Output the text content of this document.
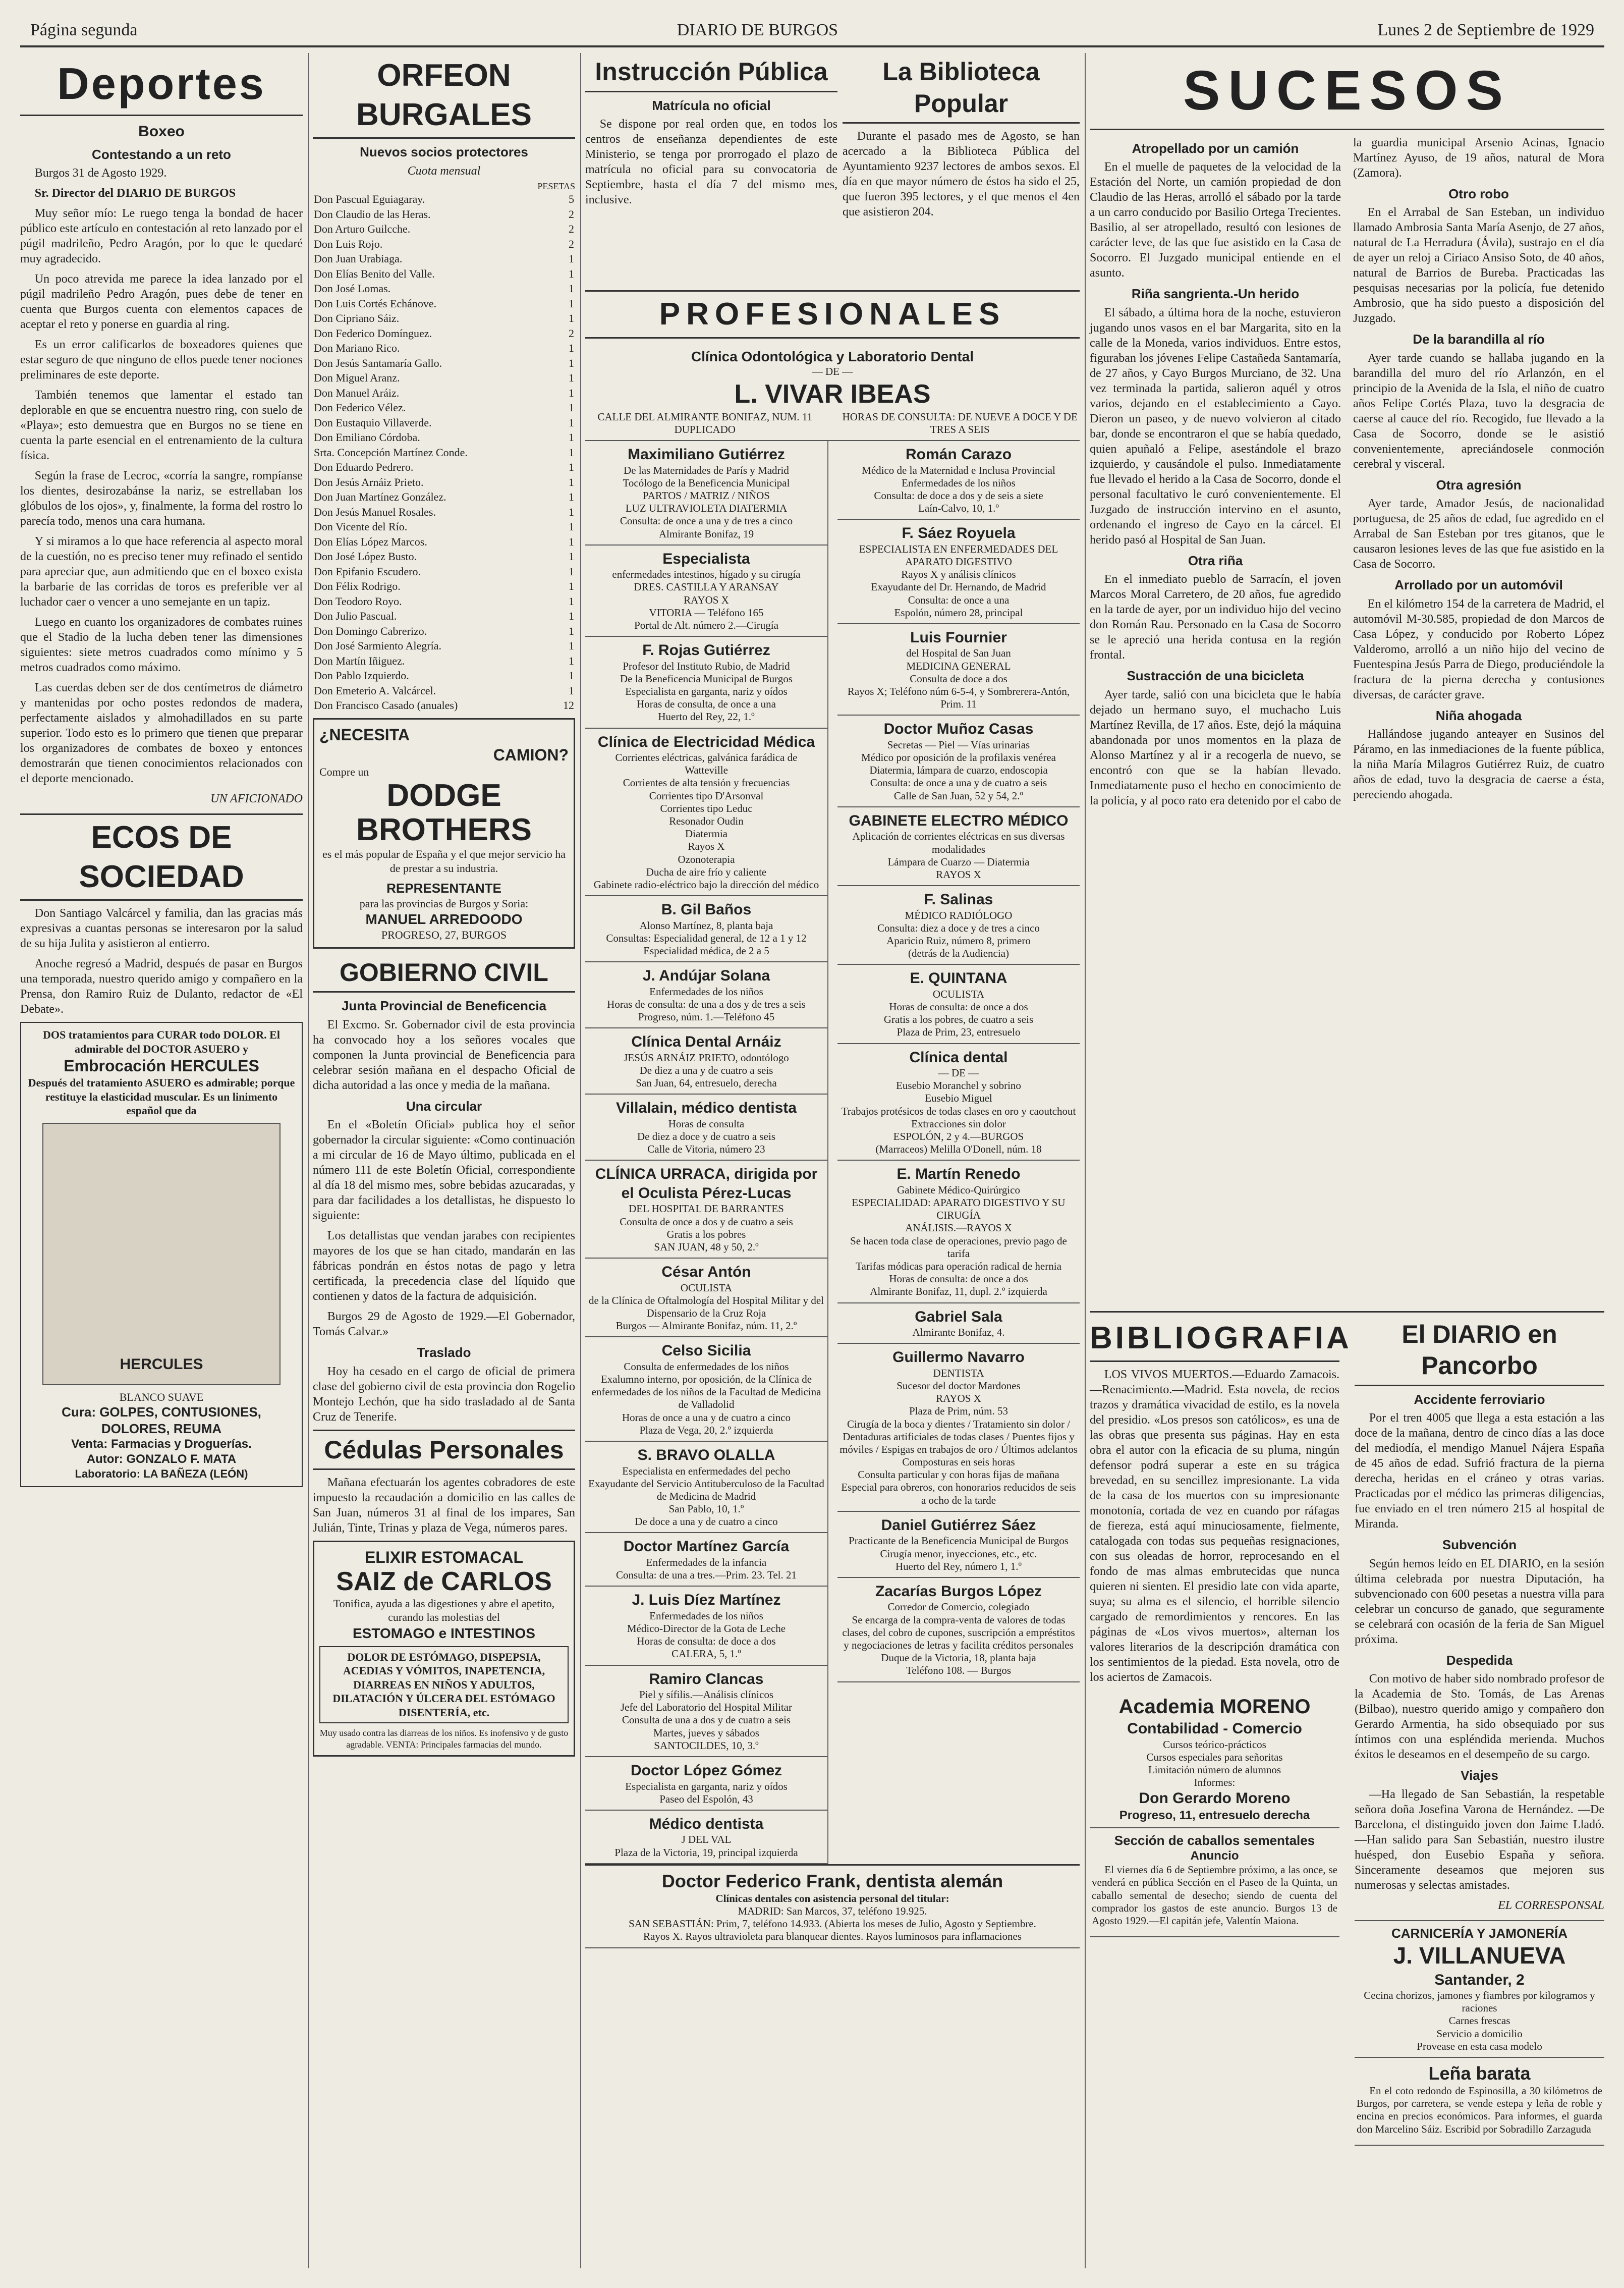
Página segunda	DIARIO DE BURGOS	Lunes 2 de Septiembre de 1929
Deportes
Boxeo
Contestando a un reto

Burgos 31 de Agosto 1929.

Sr. Director del DIARIO DE BURGOS

Muy señor mío: Le ruego tenga la bondad de hacer público este artículo en contestación al reto lanzado por el púgil madrileño, Pedro Aragón, por lo que le quedaré muy agradecido.

Un poco atrevida me parece la idea lanzado por el púgil madrileño Pedro Aragón, pues debe de tener en cuenta que Burgos cuenta con elementos capaces de aceptar el reto y ponerse en guardia al ring.

Es un error calificarlos de boxeadores quienes que estar seguro de que ninguno de ellos puede tener nociones preliminares de este deporte.

También tenemos que lamentar el estado tan deplorable en que se encuentra nuestro ring, con suelo de «Playa»; esto demuestra que en Burgos no se tiene en cuenta la parte esencial en el entrenamiento de la cultura física.

Según la frase de Lecroc, «corría la sangre, rompíanse los dientes, desirozabánse la nariz, se estrellaban los glóbulos de los ojos», y, finalmente, la forma del rostro lo parecía todo, menos una cara humana.

Y si miramos a lo que hace referencia al aspecto moral de la cuestión, no es preciso tener muy refinado el sentido para apreciar que, aun admitiendo que en el boxeo exista la barbarie de las corridas de toros es preferible ver al luchador caer o vencer a uno semejante en un tapiz.

Luego en cuanto los organizadores de combates ruines que el Stadio de la lucha deben tener las dimensiones siguientes: siete metros cuadrados como mínimo y 5 metros cuadrados como máximo.

Las cuerdas deben ser de dos centímetros de diámetro y mantenidas por ocho postes redondos de madera, perfectamente aislados y almohadillados en su parte superior. Todo esto es lo primero que tienen que preparar los organizadores de combates de boxeo y entonces demostrarán que tienen conocimientos relacionados con el deporte mencionado.

UN AFICIONADO
ECOS DE SOCIEDAD

Don Santiago Valcárcel y familia, dan las gracias más expresivas a cuantas personas se interesaron por la salud de su hija Julita y asistieron al entierro.

Anoche regresó a Madrid, después de pasar en Burgos una temporada, nuestro querido amigo y compañero en la Prensa, don Ramiro Ruiz de Dulanto, redactor de «El Debate».

DOS tratamientos para CURAR todo DOLOR. El admirable del DOCTOR ASUERO y
Embrocación HERCULES
Después del tratamiento ASUERO es admirable; porque restituye la elasticidad muscular. Es un linimento español que da
HERCULES
BLANCO SUAVE
Cura: GOLPES, CONTUSIONES, DOLORES, REUMA
Venta: Farmacias y Droguerías.
Autor: GONZALO F. MATA
Laboratorio: LA BAÑEZA (LEÓN)
ORFEON BURGALES
Nuevos socios protectores
Cuota mensual
PESETAS
Don Pascual Eguiagaray.	5
Don Claudio de las Heras.	2
Don Arturo Guilcche.	2
Don Luis Rojo.	2
Don Juan Urabiaga.	1
Don Elías Benito del Valle.	1
Don José Lomas.	1
Don Luis Cortés Echánove.	1
Don Cipriano Sáiz.	1
Don Federico Domínguez.	2
Don Mariano Rico.	1
Don Jesús Santamaría Gallo.	1
Don Miguel Aranz.	1
Don Manuel Aráiz.	1
Don Federico Vélez.	1
Don Eustaquio Villaverde.	1
Don Emiliano Córdoba.	1
Srta. Concepción Martínez Conde.	1
Don Eduardo Pedrero.	1
Don Jesús Arnáiz Prieto.	1
Don Juan Martínez González.	1
Don Jesús Manuel Rosales.	1
Don Vicente del Río.	1
Don Elías López Marcos.	1
Don José López Busto.	1
Don Epifanio Escudero.	1
Don Félix Rodrigo.	1
Don Teodoro Royo.	1
Don Julio Pascual.	1
Don Domingo Cabrerizo.	1
Don José Sarmiento Alegría.	1
Don Martín Iñiguez.	1
Don Pablo Izquierdo.	1
Don Emeterio A. Valcárcel.	1
Don Francisco Casado (anuales)	12
¿NECESITA
CAMION?
Compre un
DODGE
BROTHERS
es el más popular de España y el que mejor servicio ha de prestar a su industria.
REPRESENTANTE
para las provincias de Burgos y Soria:
MANUEL ARREDOODO
PROGRESO, 27, BURGOS
GOBIERNO CIVIL
Junta Provincial de Beneficencia

El Excmo. Sr. Gobernador civil de esta provincia ha convocado hoy a los señores vocales que componen la Junta provincial de Beneficencia para celebrar sesión mañana en el despacho Oficial de dicha autoridad a las once y media de la mañana.

Una circular

En el «Boletín Oficial» publica hoy el señor gobernador la circular siguiente: «Como continuación a mi circular de 16 de Mayo último, publicada en el número 111 de este Boletín Oficial, correspondiente al día 18 del mismo mes, sobre bebidas azucaradas, y para dar facilidades a los detallistas, he dispuesto lo siguiente:

Los detallistas que vendan jarabes con recipientes mayores de los que se han citado, mandarán en las fábricas pondrán en éstos notas de pago y letra certificada, la precedencia clase del líquido que contienen y datos de la factura de adquisición.

Burgos 29 de Agosto de 1929.—El Gobernador, Tomás Calvar.»

Traslado

Hoy ha cesado en el cargo de oficial de primera clase del gobierno civil de esta provincia don Rogelio Montejo Lechón, que ha sido trasladado al de Santa Cruz de Tenerife.

Cédulas Personales

Mañana efectuarán los agentes cobradores de este impuesto la recaudación a domicilio en las calles de San Juan, números 31 al final de los impares, San Julián, Tinte, Trinas y plaza de Vega, números pares.

ELIXIR ESTOMACAL
SAIZ de CARLOS
Tonifica, ayuda a las digestiones y abre el apetito, curando las molestias del
ESTOMAGO e INTESTINOS
DOLOR DE ESTÓMAGO, DISPEPSIA, ACEDIAS Y VÓMITOS, INAPETENCIA, DIARREAS EN NIÑOS Y ADULTOS, DILATACIÓN Y ÚLCERA DEL ESTÓMAGO DISENTERÍA, etc.
Muy usado contra las diarreas de los niños. Es inofensivo y de gusto agradable. VENTA: Principales farmacias del mundo.
Instrucción Pública
Matrícula no oficial

Se dispone por real orden que, en todos los centros de enseñanza dependientes de este Ministerio, se tenga por prorrogado el plazo de matrícula no oficial para su convocatoria de Septiembre, hasta el día 7 del mismo mes, inclusive.

La Biblioteca Popular

Durante el pasado mes de Agosto, se han acercado a la Biblioteca Pública del Ayuntamiento 9237 lectores de ambos sexos. El día en que mayor número de éstos ha sido el 25, que fueron 395 lectores, y el que menos el 4en que asistieron 204.

PROFESIONALES
Clínica Odontológica y Laboratorio Dental
— DE —
L. VIVAR IBEAS
CALLE DEL ALMIRANTE BONIFAZ, NUM. 11 DUPLICADO
HORAS DE CONSULTA: DE NUEVE A DOCE Y DE TRES A SEIS
Maximiliano Gutiérrez
De las Maternidades de París y Madrid
Tocólogo de la Beneficencia Municipal
PARTOS / MATRIZ / NIÑOS
LUZ ULTRAVIOLETA DIATERMIA
Consulta: de once a una y de tres a cinco
Almirante Bonifaz, 19
Especialista
enfermedades intestinos, hígado y su cirugía
DRES. CASTILLA Y ARANSAY
RAYOS X
VITORIA — Teléfono 165
Portal de Alt. número 2.—Cirugía
F. Rojas Gutiérrez
Profesor del Instituto Rubio, de Madrid
De la Beneficencia Municipal de Burgos
Especialista en garganta, nariz y oídos
Horas de consulta, de once a una
Huerto del Rey, 22, 1.º
Clínica de Electricidad Médica
Corrientes eléctricas, galvánica farádica de
Watteville
Corrientes de alta tensión y frecuencias
Corrientes tipo D'Arsonval
Corrientes tipo Leduc
Resonador Oudin
Diatermia
Rayos X
Ozonoterapia
Ducha de aire frío y caliente
Gabinete radio-eléctrico bajo la dirección del médico
B. Gil Baños
Alonso Martínez, 8, planta baja
Consultas: Especialidad general, de 12 a 1 y 12
Especialidad médica, de 2 a 5
J. Andújar Solana
Enfermedades de los niños
Horas de consulta: de una a dos y de tres a seis
Progreso, núm. 1.—Teléfono 45
Clínica Dental Arnáiz
JESÚS ARNÁIZ PRIETO, odontólogo
De diez a una y de cuatro a seis
San Juan, 64, entresuelo, derecha
Villalain, médico dentista
Horas de consulta
De diez a doce y de cuatro a seis
Calle de Vitoria, número 23
CLÍNICA URRACA, dirigida por el Oculista Pérez-Lucas
DEL HOSPITAL DE BARRANTES
Consulta de once a dos y de cuatro a seis
Gratis a los pobres
SAN JUAN, 48 y 50, 2.º
César Antón
OCULISTA
de la Clínica de Oftalmología del Hospital Militar y del Dispensario de la Cruz Roja
Burgos — Almirante Bonifaz, núm. 11, 2.º
Celso Sicilia
Consulta de enfermedades de los niños
Exalumno interno, por oposición, de la Clínica de enfermedades de los niños de la Facultad de Medicina de Valladolid
Horas de once a una y de cuatro a cinco
Plaza de Vega, 20, 2.º izquierda
S. BRAVO OLALLA
Especialista en enfermedades del pecho
Exayudante del Servicio Antituberculoso de la Facultad de Medicina de Madrid
San Pablo, 10, 1.º
De doce a una y de cuatro a cinco
Doctor Martínez García
Enfermedades de la infancia
Consulta: de una a tres.—Prim. 23. Tel. 21
J. Luis Díez Martínez
Enfermedades de los niños
Médico-Director de la Gota de Leche
Horas de consulta: de doce a dos
CALERA, 5, 1.º
Ramiro Clancas
Piel y sífilis.—Análisis clínicos
Jefe del Laboratorio del Hospital Militar
Consulta de una a dos y de cuatro a seis
Martes, jueves y sábados
SANTOCILDES, 10, 3.º
Doctor López Gómez
Especialista en garganta, nariz y oídos
Paseo del Espolón, 43
Médico dentista
J DEL VAL
Plaza de la Victoria, 19, principal izquierda
Román Carazo
Médico de la Maternidad e Inclusa Provincial
Enfermedades de los niños
Consulta: de doce a dos y de seis a siete
Laín-Calvo, 10, 1.º
F. Sáez Royuela
ESPECIALISTA EN ENFERMEDADES DEL APARATO DIGESTIVO
Rayos X y análisis clínicos
Exayudante del Dr. Hernando, de Madrid
Consulta: de once a una
Espolón, número 28, principal
Luis Fournier
del Hospital de San Juan
MEDICINA GENERAL
Consulta de doce a dos
Rayos X; Teléfono núm 6-5-4, y Sombrerera-Antón, Prim. 11
Doctor Muñoz Casas
Secretas — Piel — Vías urinarias
Médico por oposición de la profilaxis venérea
Diatermia, lámpara de cuarzo, endoscopia
Consulta: de once a una y de cuatro a seis
Calle de San Juan, 52 y 54, 2.º
GABINETE ELECTRO MÉDICO
Aplicación de corrientes eléctricas en sus diversas modalidades
Lámpara de Cuarzo — Diatermia
RAYOS X
F. Salinas
MÉDICO RADIÓLOGO
Consulta: diez a doce y de tres a cinco
Aparicio Ruiz, número 8, primero
(detrás de la Audiencia)
E. QUINTANA
OCULISTA
Horas de consulta: de once a dos
Gratis a los pobres, de cuatro a seis
Plaza de Prim, 23, entresuelo
Clínica dental
— DE —
Eusebio Moranchel y sobrino
Eusebio Miguel
Trabajos protésicos de todas clases en oro y caoutchout
Extracciones sin dolor
ESPOLÓN, 2 y 4.—BURGOS
(Marraceos) Melilla O'Donell, núm. 18
E. Martín Renedo
Gabinete Médico-Quirúrgico
ESPECIALIDAD: APARATO DIGESTIVO Y SU CIRUGÍA
ANÁLISIS.—RAYOS X
Se hacen toda clase de operaciones, previo pago de tarifa
Tarifas módicas para operación radical de hernia
Horas de consulta: de once a dos
Almirante Bonifaz, 11, dupl. 2.º izquierda
Gabriel Sala
Almirante Bonifaz, 4.
Guillermo Navarro
DENTISTA
Sucesor del doctor Mardones
RAYOS X
Plaza de Prim, núm. 53
Cirugía de la boca y dientes / Tratamiento sin dolor / Dentaduras artificiales de todas clases / Puentes fijos y móviles / Espigas en trabajos de oro / Últimos adelantos
Composturas en seis horas
Consulta particular y con horas fijas de mañana
Especial para obreros, con honorarios reducidos de seis a ocho de la tarde
Daniel Gutiérrez Sáez
Practicante de la Beneficencia Municipal de Burgos
Cirugía menor, inyecciones, etc., etc.
Huerto del Rey, número 1, 1.º
Zacarías Burgos López
Corredor de Comercio, colegiado
Se encarga de la compra-venta de valores de todas clases, del cobro de cupones, suscripción a empréstitos y negociaciones de letras y facilita créditos personales
Duque de la Victoria, 18, planta baja
Teléfono 108. — Burgos
Doctor Federico Frank, dentista alemán
Clínicas dentales con asistencia personal del titular:
MADRID: San Marcos, 37, teléfono 19.925.
SAN SEBASTIÁN: Prim, 7, teléfono 14.933. (Abierta los meses de Julio, Agosto y Septiembre.
Rayos X. Rayos ultravioleta para blanquear dientes. Rayos luminosos para inflamaciones
SUCESOS
Atropellado por un camión

En el muelle de paquetes de la velocidad de la Estación del Norte, un camión propiedad de don Claudio de las Heras, arrolló el sábado por la tarde a un carro conducido por Basilio Ortega Trecientes. Basilio, al ser atropellado, resultó con lesiones de carácter leve, de las que fue asistido en la Casa de Socorro. El Juzgado municipal entiende en el asunto.

Riña sangrienta.-Un herido

El sábado, a última hora de la noche, estuvieron jugando unos vasos en el bar Margarita, sito en la calle de la Moneda, varios individuos. Entre estos, figuraban los jóvenes Felipe Castañeda Santamaría, de 27 años, y Cayo Burgos Murciano, de 32. Una vez terminada la partida, salieron aquél y otros varios, dejando en el establecimiento a Cayo. Dieron un paseo, y de nuevo volvieron al citado bar, donde se encontraron el que se había quedado, quien apuñaló a Felipe, asestándole el brazo izquierdo, y causándole el pulso. Inmediatamente fue llevado el herido a la Casa de Socorro, donde el personal facultativo le curó convenientemente. El Juzgado de instrucción intervino en el asunto, ordenando el ingreso de Cayo en la cárcel. El herido pasó al Hospital de San Juan.

Otra riña

En el inmediato pueblo de Sarracín, el joven Marcos Moral Carretero, de 20 años, fue agredido en la tarde de ayer, por un individuo hijo del vecino don Román Rau. Personado en la Casa de Socorro se le apreció una herida contusa en la región frontal.

Sustracción de una bicicleta

Ayer tarde, salió con una bicicleta que le había dejado un hermano suyo, el muchacho Luis Martínez Revilla, de 17 años. Este, dejó la máquina abandonada por unos momentos en la plaza de Alonso Martínez y al ir a recogerla de nuevo, se encontró con que se la habían llevado. Inmediatamente puso el hecho en conocimiento de la policía, y al poco rato era detenido por el cabo de la guardia municipal Arsenio Acinas, Ignacio Martínez Ayuso, de 19 años, natural de Mora (Zamora).

Otro robo

En el Arrabal de San Esteban, un individuo llamado Ambrosia Santa María Asenjo, de 27 años, natural de La Herradura (Ávila), sustrajo en el día de ayer un reloj a Ciriaco Ansiso Soto, de 40 años, natural de Barrios de Bureba. Practicadas las pesquisas necesarias por la policía, fue detenido Ambrosio, que ha sido puesto a disposición del Juzgado.

De la barandilla al río

Ayer tarde cuando se hallaba jugando en la barandilla del muro del río Arlanzón, en el principio de la Avenida de la Isla, el niño de cuatro años Felipe Cortés Plaza, tuvo la desgracia de caerse al cauce del río. Recogido, fue llevado a la Casa de Socorro, donde se le asistió convenientemente, apreciándosele conmoción cerebral y visceral.

Otra agresión

Ayer tarde, Amador Jesús, de nacionalidad portuguesa, de 25 años de edad, fue agredido en el Arrabal de San Esteban por tres gitanos, que le causaron lesiones leves de las que fue asistido en la Casa de Socorro.

Arrollado por un automóvil

En el kilómetro 154 de la carretera de Madrid, el automóvil M-30.585, propiedad de don Marcos de Casa López, y conducido por Roberto López Valderomo, arrolló a un niño hijo del vecino de Fuentespina Jesús Parra de Diego, produciéndole la fractura de la pierna derecha y contusiones diversas, de carácter grave.

Niña ahogada

Hallándose jugando anteayer en Susinos del Páramo, en las inmediaciones de la fuente pública, la niña María Milagros Gutiérrez Ruiz, de cuatro años de edad, tuvo la desgracia de caerse a ésta, pereciendo ahogada.

BIBLIOGRAFIA

LOS VIVOS MUERTOS.—Eduardo Zamacois.—Renacimiento.—Madrid. Esta novela, de recios trazos y dramática vivacidad de estilo, es la novela del presidio. «Los presos son católicos», es una de las obras que presenta sus páginas. Hay en esta obra el autor con la eficacia de su pluma, ningún defensor podrá superar a este en su trágica brevedad, en su sencillez impresionante. La vida de la casa de los muertos con su impresionante monotonía, cortada de vez en cuando por ráfagas de fiereza, está aquí minuciosamente, fielmente, catalogada con todas sus pequeñas resignaciones, con sus oleadas de horror, reprocesando en el fondo de mas almas embrutecidas que nunca quieren ni sienten. El presidio late con vida aparte, suya; su alma es el silencio, el horrible silencio cargado de remordimientos y rencores. En las páginas de «Los vivos muertos», alternan los valores literarios de la descripción dramática con los sentimientos de la piedad. Esta novela, otro de los aciertos de Zamacois.

Academia MORENO
Contabilidad - Comercio
Cursos teórico-prácticos
Cursos especiales para señoritas
Limitación número de alumnos
Informes:
Don Gerardo Moreno
Progreso, 11, entresuelo derecha
Sección de caballos sementales
Anuncio

El viernes día 6 de Septiembre próximo, a las once, se venderá en pública Sección en el Paseo de la Quinta, un caballo semental de desecho; siendo de cuenta del comprador los gastos de este anuncio. Burgos 13 de Agosto 1929.—El capitán jefe, Valentín Maiona.

El DIARIO en Pancorbo
Accidente ferroviario

Por el tren 4005 que llega a esta estación a las doce de la mañana, dentro de cinco días a las doce del mediodía, el mendigo Manuel Nájera España de 45 años de edad. Sufrió fractura de la pierna derecha, heridas en el cráneo y otras varias. Practicadas por el médico las primeras diligencias, fue enviado en el tren número 215 al hospital de Miranda.

Subvención

Según hemos leído en EL DIARIO, en la sesión última celebrada por nuestra Diputación, ha subvencionado con 600 pesetas a nuestra villa para celebrar un concurso de ganado, que seguramente se celebrará con ocasión de la feria de San Miguel próxima.

Despedida

Con motivo de haber sido nombrado profesor de la Academia de Sto. Tomás, de Las Arenas (Bilbao), nuestro querido amigo y compañero don Gerardo Armentia, ha sido obsequiado por sus íntimos con una espléndida merienda. Muchos éxitos le deseamos en el desempeño de su cargo.

Viajes

—Ha llegado de San Sebastián, la respetable señora doña Josefina Varona de Hernández. —De Barcelona, el distinguido joven don Jaime Lladó. —Han salido para San Sebastián, nuestro ilustre huésped, don Eusebio España y señora. Sinceramente deseamos que mejoren sus numerosas y selectas amistades.

EL CORRESPONSAL
CARNICERÍA Y JAMONERÍA
J. VILLANUEVA
Santander, 2
Cecina chorizos, jamones y fiambres por kilogramos y raciones
Carnes frescas
Servicio a domicilio
Provease en esta casa modelo
Leña barata

En el coto redondo de Espinosilla, a 30 kilómetros de Burgos, por carretera, se vende estepa y leña de roble y encina en precios económicos. Para informes, el guarda don Marcelino Sáiz. Escribid por Sobradillo Zarzaguda
